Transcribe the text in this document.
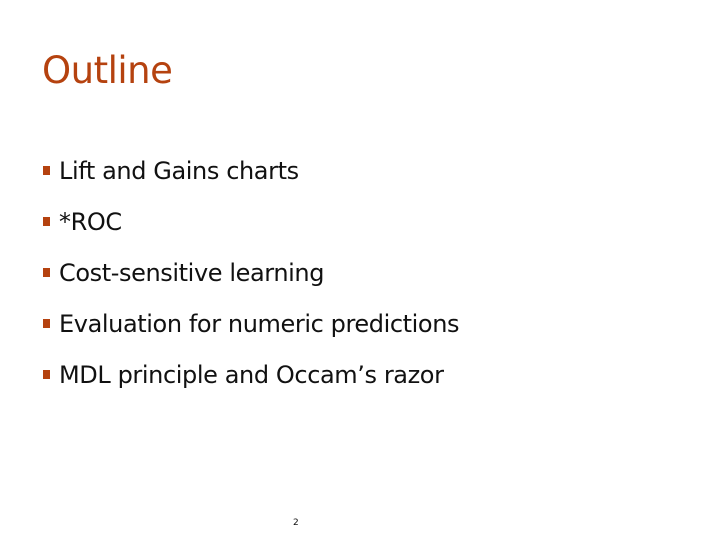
Outline
Lift and Gains charts
*ROC
Cost-sensitive learning
Evaluation for numeric predictions
MDL principle and Occam’s razor
2
